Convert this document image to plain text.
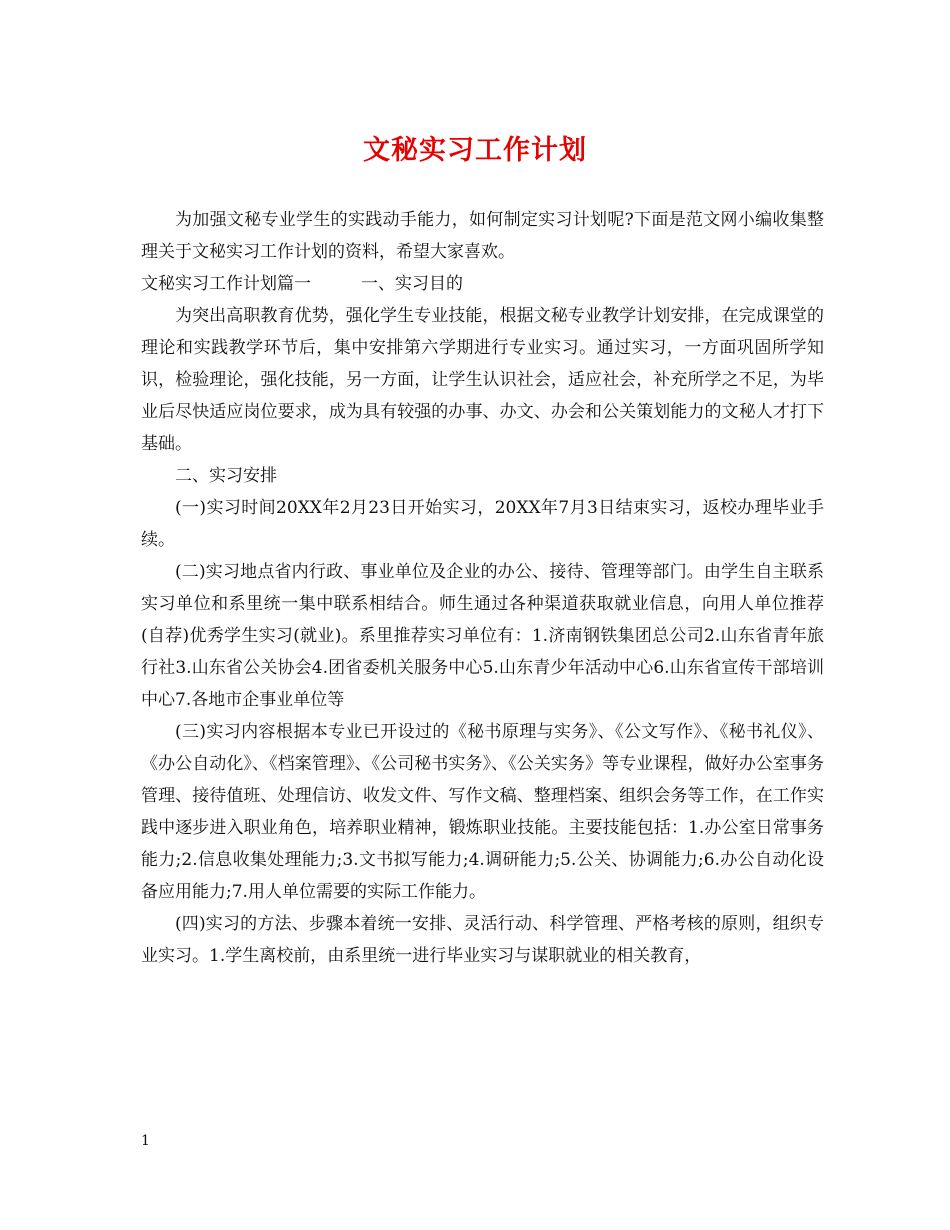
文秘实习工作计划

为加强文秘专业学生的实践动手能力，如何制定实习计划呢?下面是范文网小编收集整理关于文秘实习工作计划的资料，希望大家喜欢。

文秘实习工作计划篇一	一、实习目的

为突出高职教育优势，强化学生专业技能，根据文秘专业教学计划安排，在完成课堂的理论和实践教学环节后，集中安排第六学期进行专业实习。通过实习，一方面巩固所学知识，检验理论，强化技能，另一方面，让学生认识社会，适应社会，补充所学之不足，为毕业后尽快适应岗位要求，成为具有较强的办事、办文、办会和公关策划能力的文秘人才打下基础。

二、实习安排

(一)实习时间20XX年2月23日开始实习，20XX年7月3日结束实习，返校办理毕业手续。

(二)实习地点省内行政、事业单位及企业的办公、接待、管理等部门。由学生自主联系实习单位和系里统一集中联系相结合。师生通过各种渠道获取就业信息，向用人单位推荐(自荐)优秀学生实习(就业)。系里推荐实习单位有：1.济南钢铁集团总公司2.山东省青年旅行社3.山东省公关协会4.团省委机关服务中心5.山东青少年活动中心6.山东省宣传干部培训中心7.各地市企事业单位等

(三)实习内容根据本专业已开设过的《秘书原理与实务》、《公文写作》、《秘书礼仪》、《办公自动化》、《档案管理》、《公司秘书实务》、《公关实务》等专业课程，做好办公室事务管理、接待值班、处理信访、收发文件、写作文稿、整理档案、组织会务等工作，在工作实践中逐步进入职业角色，培养职业精神，锻炼职业技能。主要技能包括：1.办公室日常事务能力;2.信息收集处理能力;3.文书拟写能力;4.调研能力;5.公关、协调能力;6.办公自动化设备应用能力;7.用人单位需要的实际工作能力。

(四)实习的方法、步骤本着统一安排、灵活行动、科学管理、严格考核的原则，组织专业实习。1.学生离校前，由系里统一进行毕业实习与谋职就业的相关教育，

1
